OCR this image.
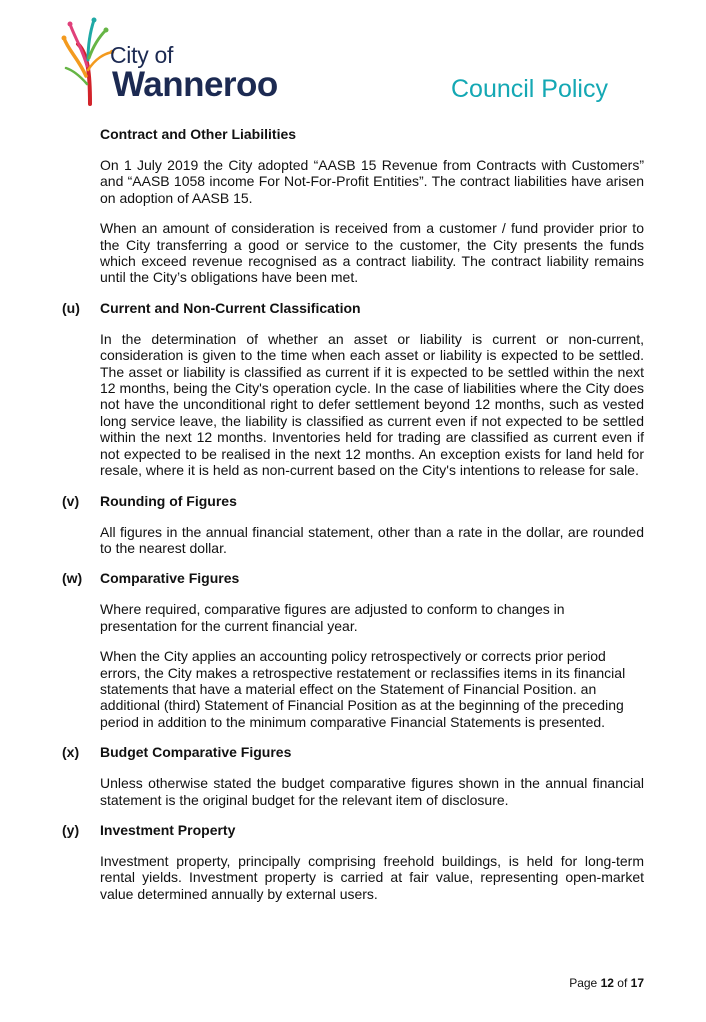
City of
Wanneroo	Council Policy
Contract and Other Liabilities

On 1 July 2019 the City adopted “AASB 15 Revenue from Contracts with Customers” and “AASB 1058 income For Not-For-Profit Entities”. The contract liabilities have arisen on adoption of AASB 15.

When an amount of consideration is received from a customer / fund provider prior to the City transferring a good or service to the customer, the City presents the funds which exceed revenue recognised as a contract liability. The contract liability remains until the City’s obligations have been met.

(u)	Current and Non-Current Classification

In the determination of whether an asset or liability is current or non-current, consideration is given to the time when each asset or liability is expected to be settled. The asset or liability is classified as current if it is expected to be settled within the next 12 months, being the City's operation cycle. In the case of liabilities where the City does not have the unconditional right to defer settlement beyond 12 months, such as vested long service leave, the liability is classified as current even if not expected to be settled within the next 12 months. Inventories held for trading are classified as current even if not expected to be realised in the next 12 months. An exception exists for land held for resale, where it is held as non-current based on the City's intentions to release for sale.

(v)	Rounding of Figures

All figures in the annual financial statement, other than a rate in the dollar, are rounded to the nearest dollar.

(w)	Comparative Figures

Where required, comparative figures are adjusted to conform to changes in presentation for the current financial year.

When the City applies an accounting policy retrospectively or corrects prior period errors, the City makes a retrospective restatement or reclassifies items in its financial statements that have a material effect on the Statement of Financial Position. an additional (third) Statement of Financial Position as at the beginning of the preceding period in addition to the minimum comparative Financial Statements is presented.

(x)	Budget Comparative Figures

Unless otherwise stated the budget comparative figures shown in the annual financial statement is the original budget for the relevant item of disclosure.

(y)	Investment Property

Investment property, principally comprising freehold buildings, is held for long-term rental yields. Investment property is carried at fair value, representing open-market value determined annually by external users.

Page 12 of 17
